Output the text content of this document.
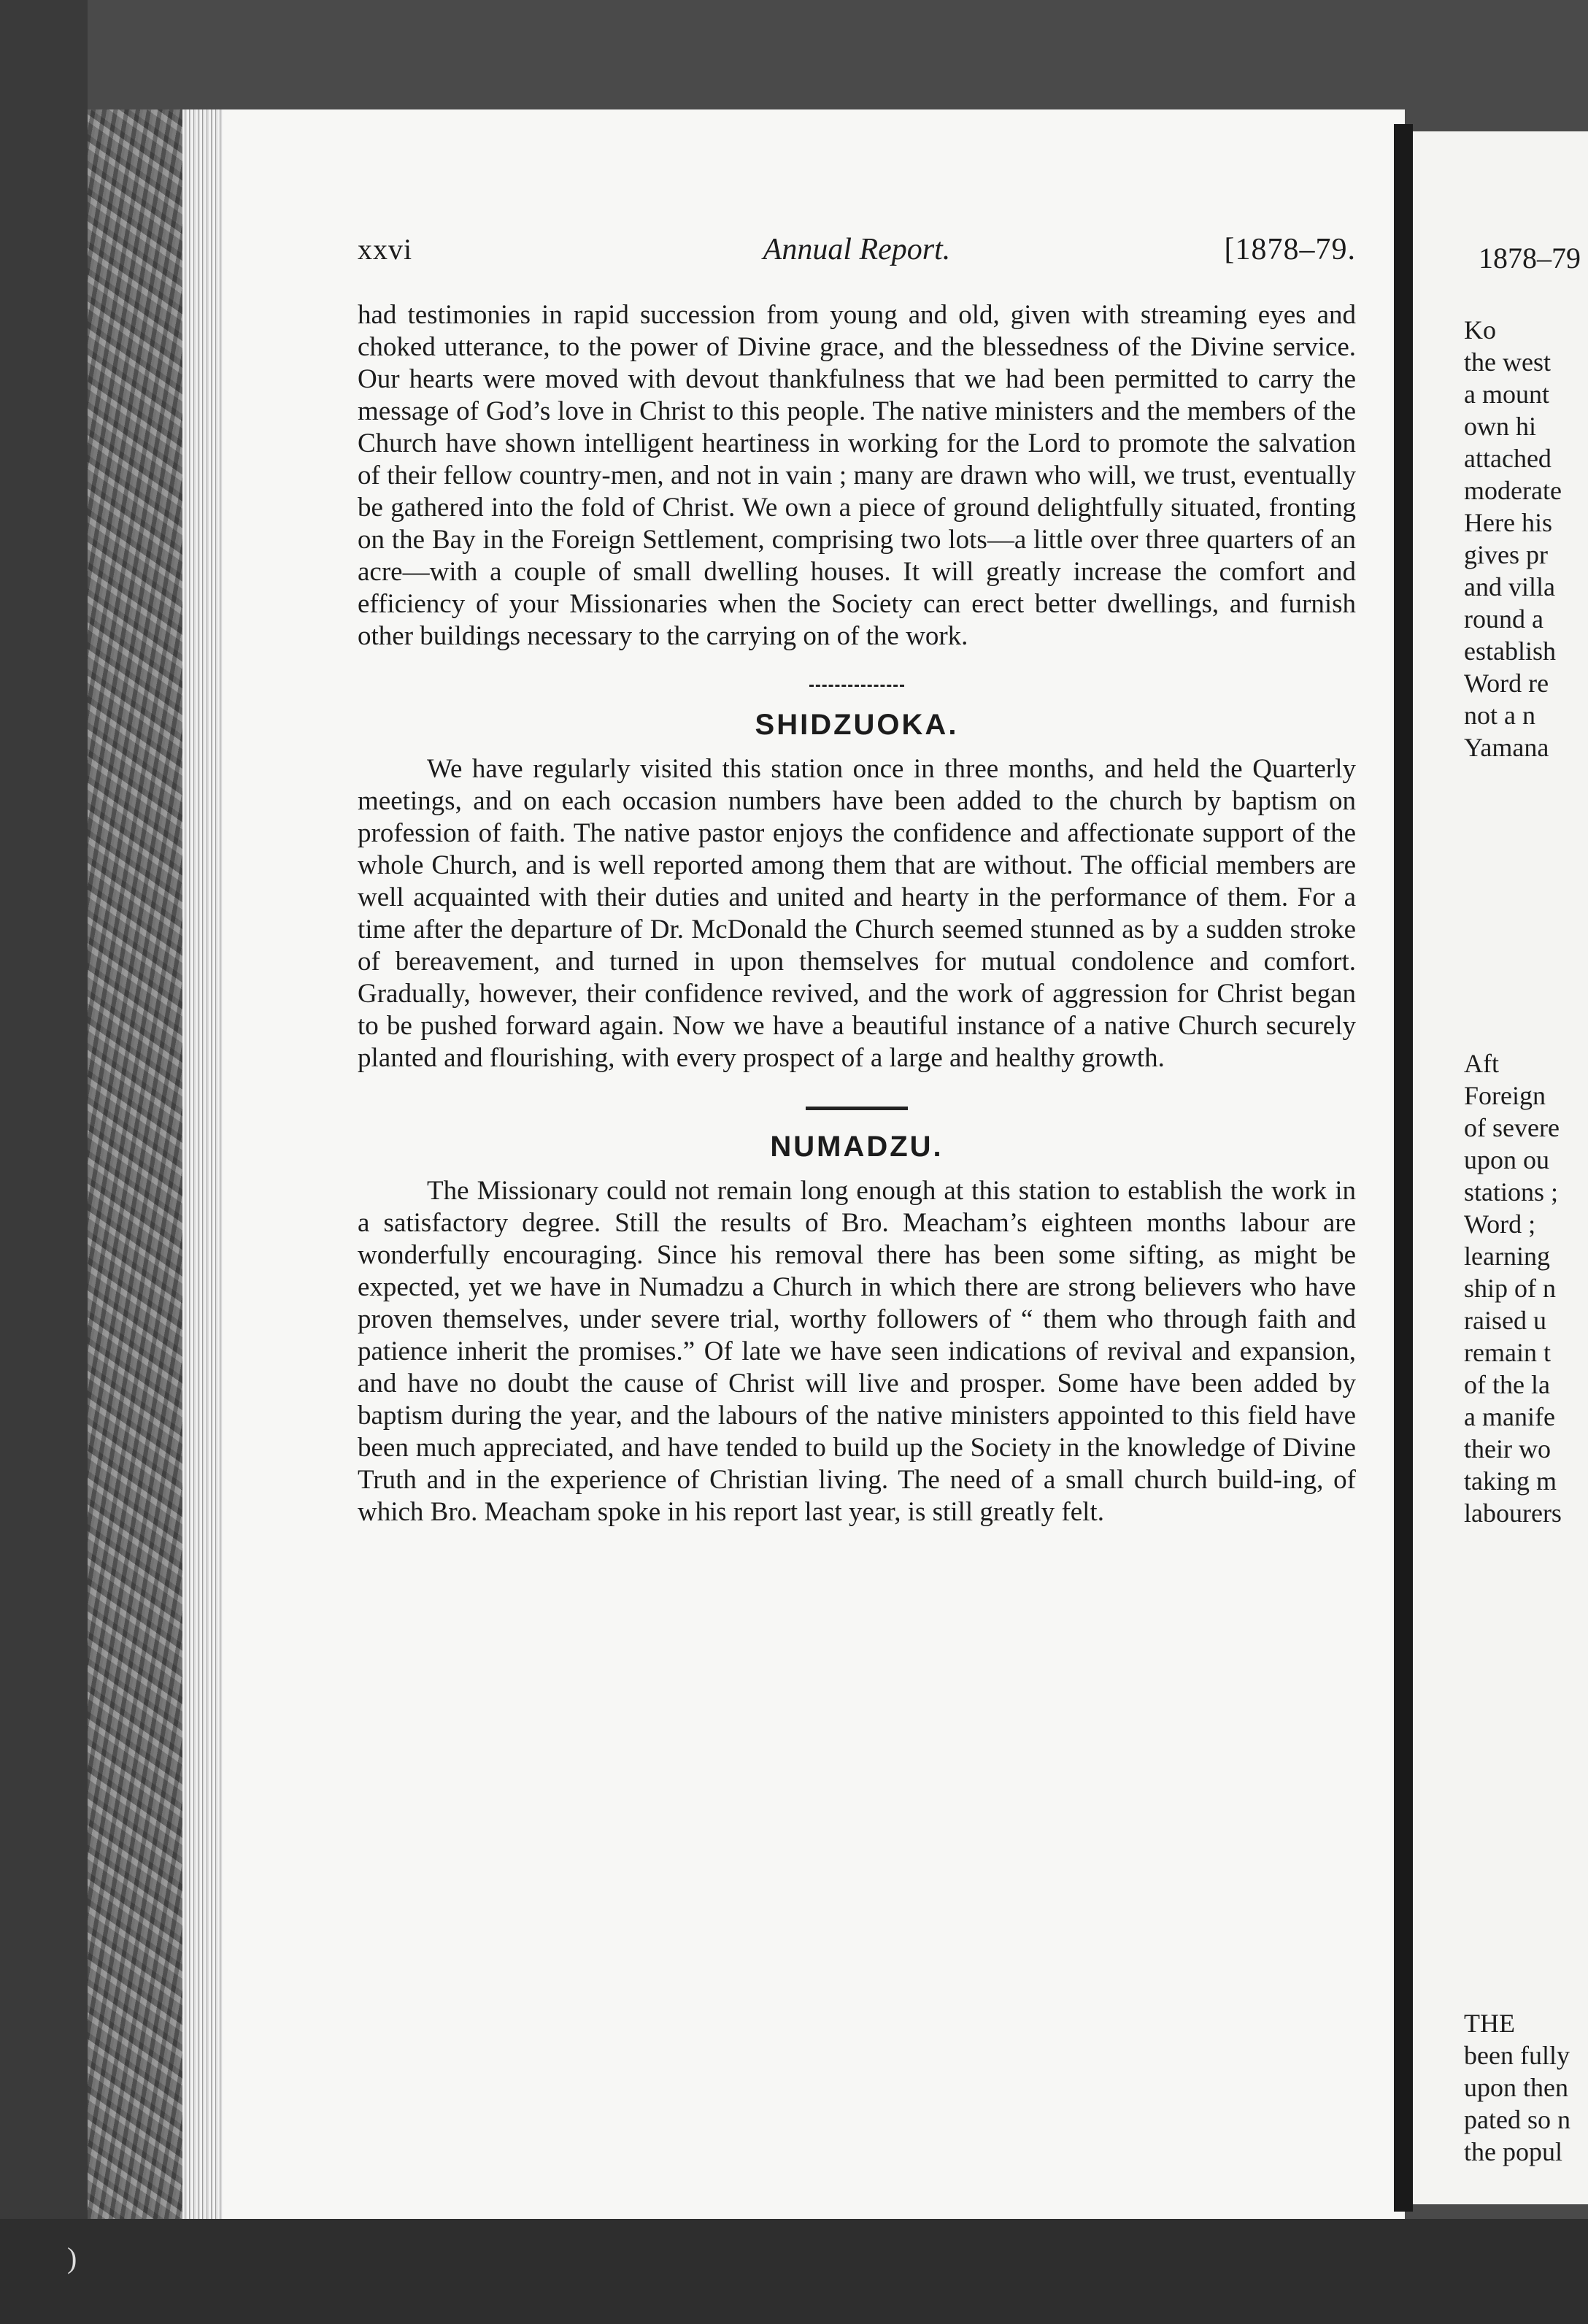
1878–79
Ko
the west
a mount
own hi
attached
moderate
Here his
gives pr
and villa
round a
establish
Word re
not a n
Yamana
Aft
Foreign
of severe
upon ou
stations ;
Word ;
learning
ship of n
raised u
remain t
of the la
a manife
their wo
taking m
labourers
THE
been fully
upon then
pated so n
the popul
)
xxvi	Annual Report.	[1878–79.

had testimonies in rapid succession from young and old, given with streaming eyes and choked utterance, to the power of Divine grace, and the blessedness of the Divine service. Our hearts were moved with devout thankfulness that we had been permitted to carry the message of God’s love in Christ to this people. The native ministers and the members of the Church have shown intelligent heartiness in working for the Lord to promote the salvation of their fellow country-men, and not in vain ; many are drawn who will, we trust, eventually be gathered into the fold of Christ. We own a piece of ground delightfully situated, fronting on the Bay in the Foreign Settlement, comprising two lots—a little over three quarters of an acre—with a couple of small dwelling houses. It will greatly increase the comfort and efficiency of your Missionaries when the Society can erect better dwellings, and furnish other buildings necessary to the carrying on of the work.

SHIDZUOKA.

We have regularly visited this station once in three months, and held the Quarterly meetings, and on each occasion numbers have been added to the church by baptism on profession of faith. The native pastor enjoys the confidence and affectionate support of the whole Church, and is well reported among them that are without. The official members are well acquainted with their duties and united and hearty in the performance of them. For a time after the departure of Dr. McDonald the Church seemed stunned as by a sudden stroke of bereavement, and turned in upon themselves for mutual condolence and comfort. Gradually, however, their confidence revived, and the work of aggression for Christ began to be pushed forward again. Now we have a beautiful instance of a native Church securely planted and flourishing, with every prospect of a large and healthy growth.

NUMADZU.

The Missionary could not remain long enough at this station to establish the work in a satisfactory degree. Still the results of Bro. Meacham’s eighteen months labour are wonderfully encouraging. Since his removal there has been some sifting, as might be expected, yet we have in Numadzu a Church in which there are strong believers who have proven themselves, under severe trial, worthy followers of “ them who through faith and patience inherit the promises.” Of late we have seen indications of revival and expansion, and have no doubt the cause of Christ will live and prosper. Some have been added by baptism during the year, and the labours of the native ministers appointed to this field have been much appreciated, and have tended to build up the Society in the knowledge of Divine Truth and in the experience of Christian living. The need of a small church build-ing, of which Bro. Meacham spoke in his report last year, is still greatly felt.
